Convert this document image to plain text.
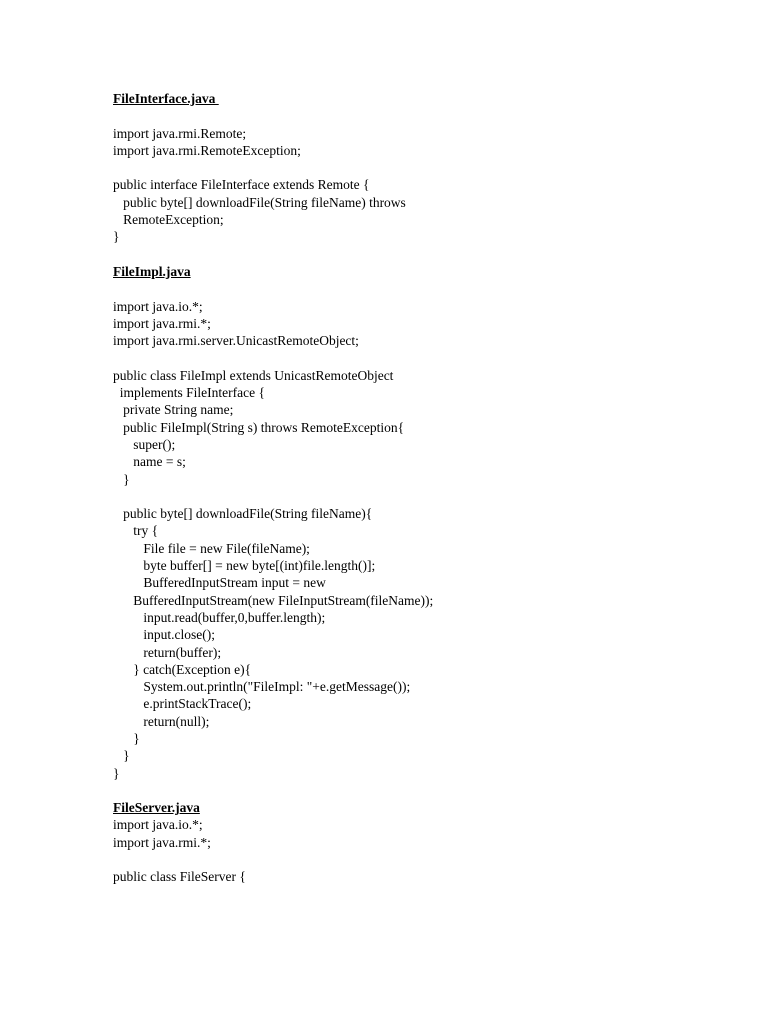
FileInterface.java
import java.rmi.Remote;
import java.rmi.RemoteException;
public interface FileInterface extends Remote {
public byte[] downloadFile(String fileName) throws
RemoteException;
}
FileImpl.java
import java.io.*;
import java.rmi.*;
import java.rmi.server.UnicastRemoteObject;
public class FileImpl extends UnicastRemoteObject
implements FileInterface {
private String name;
public FileImpl(String s) throws RemoteException{
super();
name = s;
}
public byte[] downloadFile(String fileName){
try {
File file = new File(fileName);
byte buffer[] = new byte[(int)file.length()];
BufferedInputStream input = new
BufferedInputStream(new FileInputStream(fileName));
input.read(buffer,0,buffer.length);
input.close();
return(buffer);
} catch(Exception e){
System.out.println("FileImpl: "+e.getMessage());
e.printStackTrace();
return(null);
}
}
}
FileServer.java
import java.io.*;
import java.rmi.*;
public class FileServer {
